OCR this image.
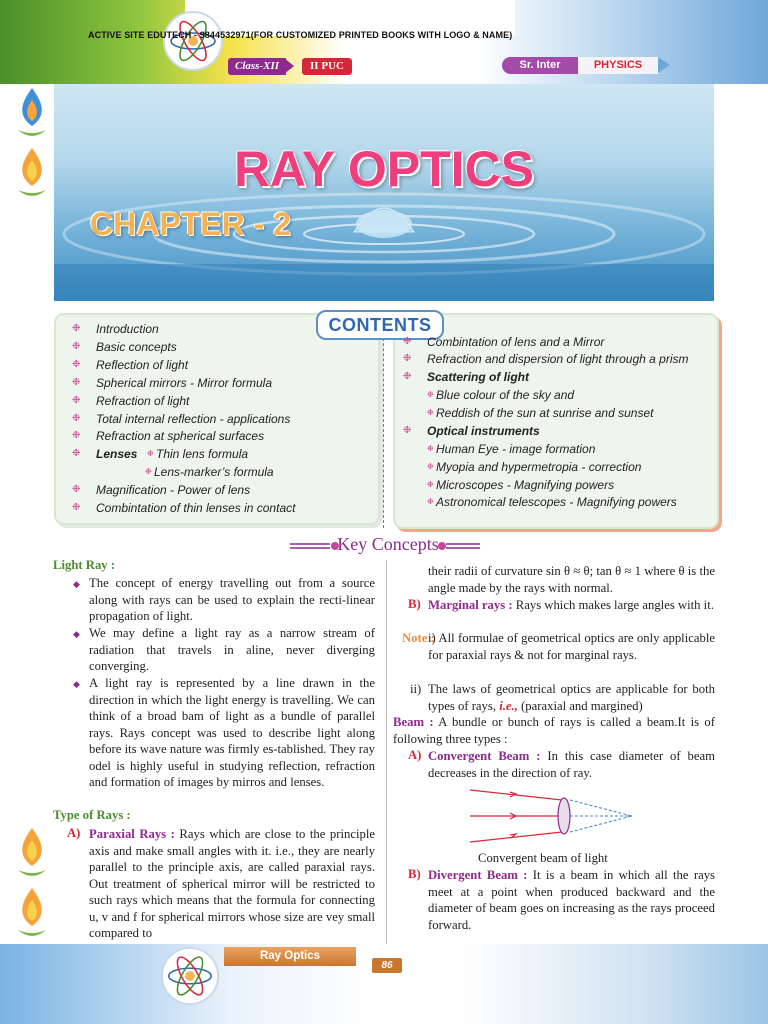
ACTIVE SITE EDUTECH - 9844532971(FOR CUSTOMIZED PRINTED BOOKS WITH LOGO & NAME)
Class-XII	II PUC	Sr. Inter	PHYSICS
RAY OPTICS
CHAPTER - 2
CONTENTS
❉ Introduction
❉ Basic concepts
❉ Reflection of light
❉ Spherical mirrors - Mirror formula
❉ Refraction of light
❉ Total internal reflection - applications
❉ Refraction at spherical surfaces
❉ Lenses ❉ Thin lens formula
❉ Lens-marker’s formula
❉ Magnification - Power of lens
❉ Combintation of thin lenses in contact
❉ Combintation of lens and a Mirror
❉ Refraction and dispersion of light through a prism
❉ Scattering of light
❉ Blue colour of the sky and
❉ Reddish of the sun at sunrise and sunset
❉ Optical instruments
❉ Human Eye - image formation
❉ Myopia and hypermetropia - correction
❉ Microscopes - Magnifying powers
❉ Astronomical telescopes - Magnifying powers
Key Concepts
Light Ray :
◆ The concept of energy travelling out from a source along with rays can be used to explain the recti-linear propagation of light.
◆ We may define a light ray as a narrow stream of radiation that travels in aline, never diverging converging.
◆ A light ray is represented by a line drawn in the direction in which the light energy is travelling. We can think of a broad bam of light as a bundle of parallel rays. Rays concept was used to describe light along before its wave nature was firmly es-tablished. They ray odel is highly useful in studying reflection, refraction and formation of images by mirros and lenses.
Type of Rays :
A) Paraxial Rays : Rays which are close to the principle axis and make small angles with it. i.e., they are nearly parallel to the principle axis, are called paraxial rays. Out treatment of spherical mirror will be restricted to such rays which means that the formula for connecting u, v and f for spherical mirrors whose size are vey small compared to
their radii of curvature sin θ ≈ θ; tan θ ≈ 1 where θ is the angle made by the rays with normal.
B) Marginal rays : Rays which makes large angles with it.
Note :
i) All formulae of geometrical optics are only applicable for paraxial rays & not for marginal rays.
ii) The laws of geometrical optics are applicable for both types of rays, i.e., (paraxial and margined)
Beam : A bundle or bunch of rays is called a beam.It is of following three types :
A) Convergent Beam : In this case diameter of beam decreases in the direction of ray.
Convergent beam of light
B) Divergent Beam : It is a beam in which all the rays meet at a point when produced backward and the diameter of beam goes on increasing as the rays proceed forward.
Ray Optics
86
